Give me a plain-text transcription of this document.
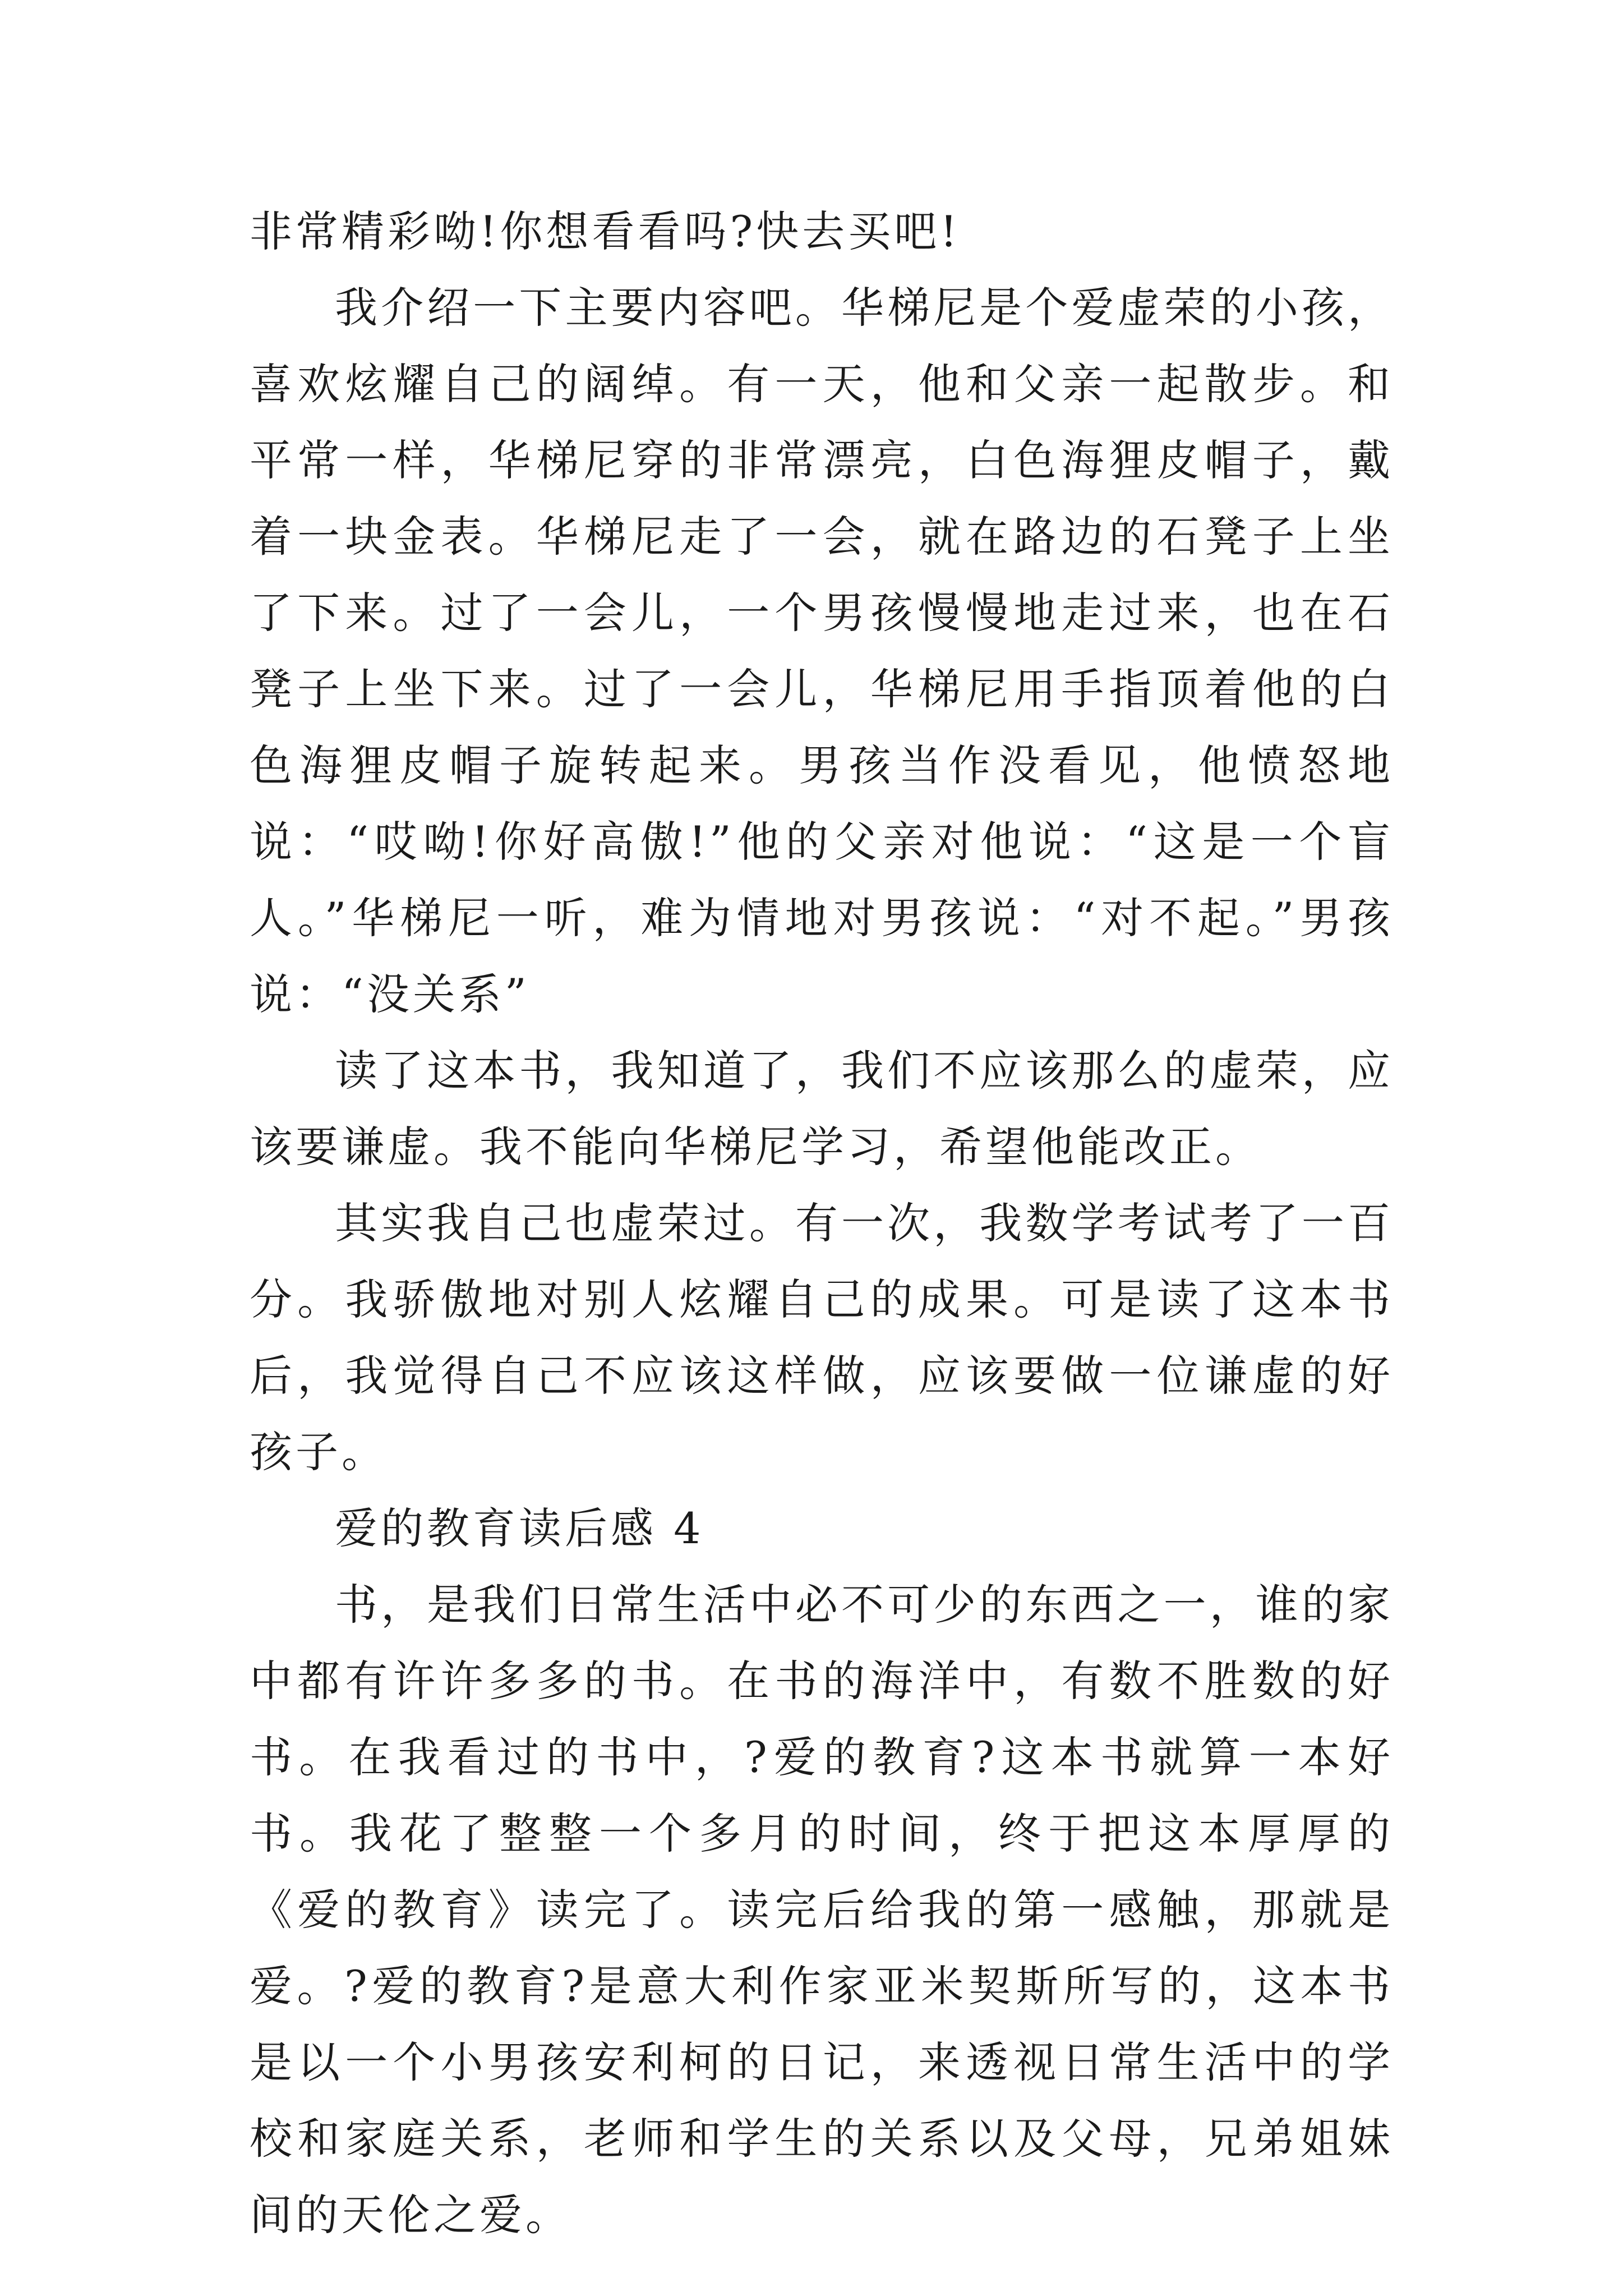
非常精彩呦!你想看看吗?快去买吧!

我介绍一下主要内容吧。华梯尼是个爱虚荣的小孩，喜欢炫耀自己的阔绰。有一天，他和父亲一起散步。和平常一样，华梯尼穿的非常漂亮，白色海狸皮帽子，戴着一块金表。华梯尼走了一会，就在路边的石凳子上坐了下来。过了一会儿，一个男孩慢慢地走过来，也在石凳子上坐下来。过了一会儿，华梯尼用手指顶着他的白色海狸皮帽子旋转起来。男孩当作没看见，他愤怒地说：“哎呦!你好高傲!”他的父亲对他说：“这是一个盲人。”华梯尼一听，难为情地对男孩说：“对不起。”男孩说：“没关系”

读了这本书，我知道了，我们不应该那么的虚荣，应该要谦虚。我不能向华梯尼学习，希望他能改正。

其实我自己也虚荣过。有一次，我数学考试考了一百分。我骄傲地对别人炫耀自己的成果。可是读了这本书后，我觉得自己不应该这样做，应该要做一位谦虚的好孩子。

爱的教育读后感 4

书，是我们日常生活中必不可少的东西之一，谁的家中都有许许多多的书。在书的海洋中，有数不胜数的好书。在我看过的书中，?爱的教育?这本书就算一本好书。我花了整整一个多月的时间，终于把这本厚厚的《爱的教育》读完了。读完后给我的第一感触，那就是爱。?爱的教育?是意大利作家亚米契斯所写的，这本书是以一个小男孩安利柯的日记，来透视日常生活中的学校和家庭关系，老师和学生的关系以及父母，兄弟姐妹间的天伦之爱。
